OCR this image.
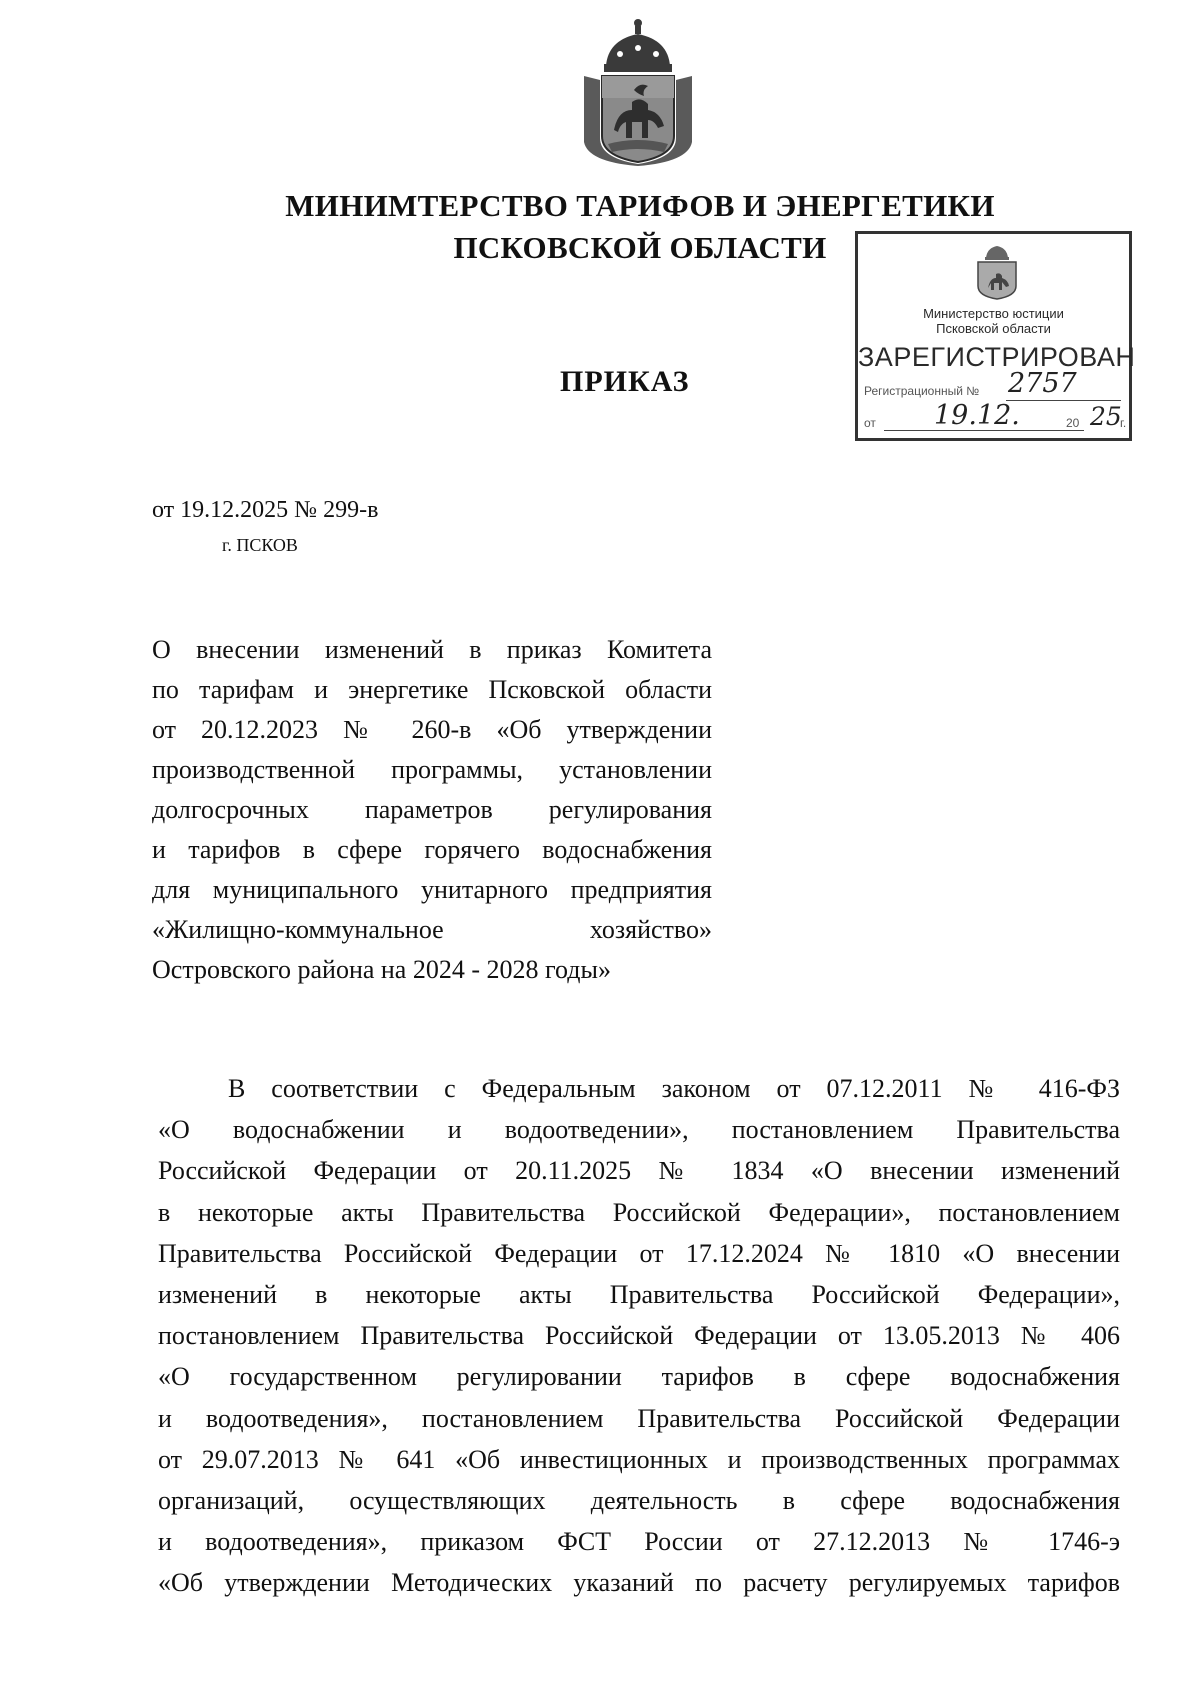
МИНИМТЕРСТВО ТАРИФОВ И ЭНЕРГЕТИКИ
ПСКОВСКОЙ ОБЛАСТИ
Министерство юстиции
Псковской области
ЗАРЕГИСТРИРОВАН
Регистрационный № 2757
от 19.12.	20 25
г.
ПРИКАЗ
от 19.12.2025 № 299-в
г. ПСКОВ
О внесении изменений в приказ Комитета
по тарифам и энергетике Псковской области
от 20.12.2023 № 260-в «Об утверждении
производственной программы, установлении
долгосрочных параметров регулирования
и тарифов в сфере горячего водоснабжения
для муниципального унитарного предприятия
«Жилищно-коммунальное хозяйство»
Островского района на 2024 - 2028 годы»
В соответствии с Федеральным законом от 07.12.2011 № 416-ФЗ
«О водоснабжении и водоотведении», постановлением Правительства
Российской Федерации от 20.11.2025 № 1834 «О внесении изменений
в некоторые акты Правительства Российской Федерации», постановлением
Правительства Российской Федерации от 17.12.2024 № 1810 «О внесении
изменений в некоторые акты Правительства Российской Федерации»,
постановлением Правительства Российской Федерации от 13.05.2013 № 406
«О государственном регулировании тарифов в сфере водоснабжения
и водоотведения», постановлением Правительства Российской Федерации
от 29.07.2013 № 641 «Об инвестиционных и производственных программах
организаций, осуществляющих деятельность в сфере водоснабжения
и водоотведения», приказом ФСТ России от 27.12.2013 № 1746-э
«Об утверждении Методических указаний по расчету регулируемых тарифов
